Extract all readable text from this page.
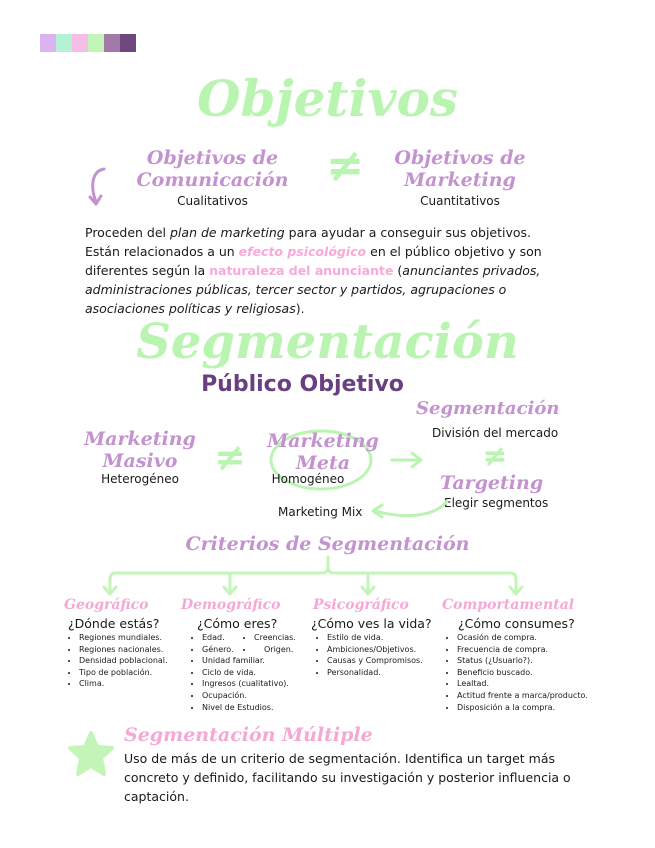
Objetivos
Objetivos de Comunicación
Cualitativos
≠	Objetivos de Marketing
Cuantitativos
Proceden del plan de marketing para ayudar a conseguir sus objetivos.
Están relacionados a un efecto psicológico en el público objetivo y son diferentes según la naturaleza del anunciante (anunciantes privados, administraciones públicas, tercer sector y partidos, agrupaciones o asociaciones políticas y religiosas).
Segmentación
Público Objetivo
Marketing Masivo
Heterogéneo ≠	Marketing Meta
Homogéneo
Segmentación
División del mercado
≠
Targeting
Elegir segmentos
Marketing Mix
Criterios de Segmentación
Geográfico
¿Dónde estás?
• Regiones mundiales.
• Regiones nacionales.
• Densidad poblacional.
• Tipo de población.
• Clima.
Demográfico
¿Cómo eres?
• Edad.
• Género.
• Unidad familiar.
• Ciclo de vida.
• Ingresos (cualitativo).
• Ocupación.
• Nivel de Estudios.
• Creencias.
• Origen.
Psicográfico
¿Cómo ves la vida?
• Estilo de vida.
• Ambiciones/Objetivos.
• Causas y Compromisos.
• Personalidad.
Comportamental
¿Cómo consumes?
• Ocasión de compra.
• Frecuencia de compra.
• Status (¿Usuario?).
• Beneficio buscado.
• Lealtad.
• Actitud frente a marca/producto.
• Disposición a la compra.
Segmentación Múltiple
Uso de más de un criterio de segmentación. Identifica un target más concreto y definido, facilitando su investigación y posterior influencia o captación.
